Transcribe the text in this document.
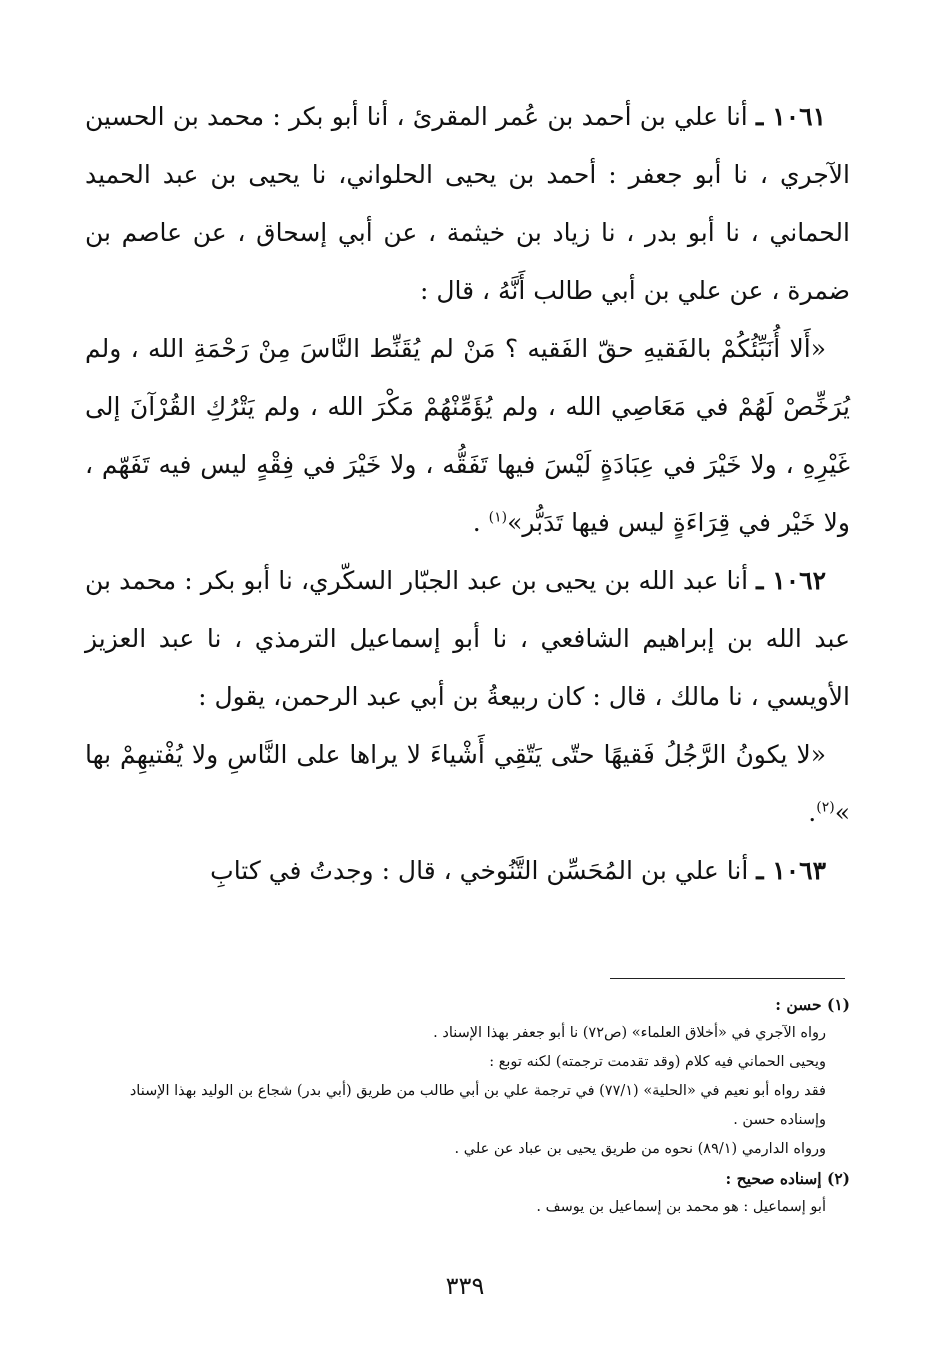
١٠٦١ ـ أنا علي بن أحمد بن عُمر المقرئ ، أنا أبو بكر : محمد بن الحسين الآجري ، نا أبو جعفر : أحمد بن يحيى الحلواني، نا يحيى بن عبد الحميد الحماني ، نا أبو بدر ، نا زياد بن خيثمة ، عن أبي إسحاق ، عن عاصم بن ضمرة ، عن علي بن أبي طالب أَنَّهُ ، قال :

«أَلا أُنَبِّئُكُمْ بالفَقيهِ حقّ الفَقيه ؟ مَنْ لم يُقَنِّط النَّاسَ مِنْ رَحْمَةِ الله ، ولم يُرَخِّصْ لَهُمْ في مَعَاصِي الله ، ولم يُؤَمِّنْهُمْ مَكْرَ الله ، ولم يَتْرُكِ القُرْآنَ إلى غَيْرِهِ ، ولا خَيْرَ في عِبَادَةٍ لَيْسَ فيها تَفَقُّه ، ولا خَيْرَ في فِقْهٍ ليس فيه تَفَهّم ، ولا خَيْر في قِرَاءَةٍ ليس فيها تَدَبُّر»$^{(١)}$ .

١٠٦٢ ـ أنا عبد الله بن يحيى بن عبد الجبّار السكّري، نا أبو بكر : محمد بن عبد الله بن إبراهيم الشافعي ، نا أبو إسماعيل الترمذي ، نا عبد العزيز الأويسي ، نا مالك ، قال : كان ربيعةُ بن أبي عبد الرحمن، يقول :

«لا يكونُ الرَّجُلُ فَقيهًا حتّى يَتّقِي أَشْياءَ لا يراها على النَّاسِ ولا يُفْتيهِمْ بها »$^{(٢)}$.

١٠٦٣ ـ أنا علي بن المُحَسِّن التَّنُوخي ، قال : وجدتُ في كتابِ

(١) حسن :

رواه الآجري في «أخلاق العلماء» (ص٧٢) نا أبو جعفر بهذا الإسناد .

ويحيى الحماني فيه كلام (وقد تقدمت ترجمته) لكنه توبع :

فقد رواه أبو نعيم في «الحلية» (٧٧/١) في ترجمة علي بن أبي طالب من طريق (أبي بدر) شجاع بن الوليد بهذا الإسناد وإسناده حسن .

ورواه الدارمي (٨٩/١) نحوه من طريق يحيى بن عباد عن علي .

(٢) إسناده صحيح :

أبو إسماعيل : هو محمد بن إسماعيل بن يوسف .

٣٣٩
